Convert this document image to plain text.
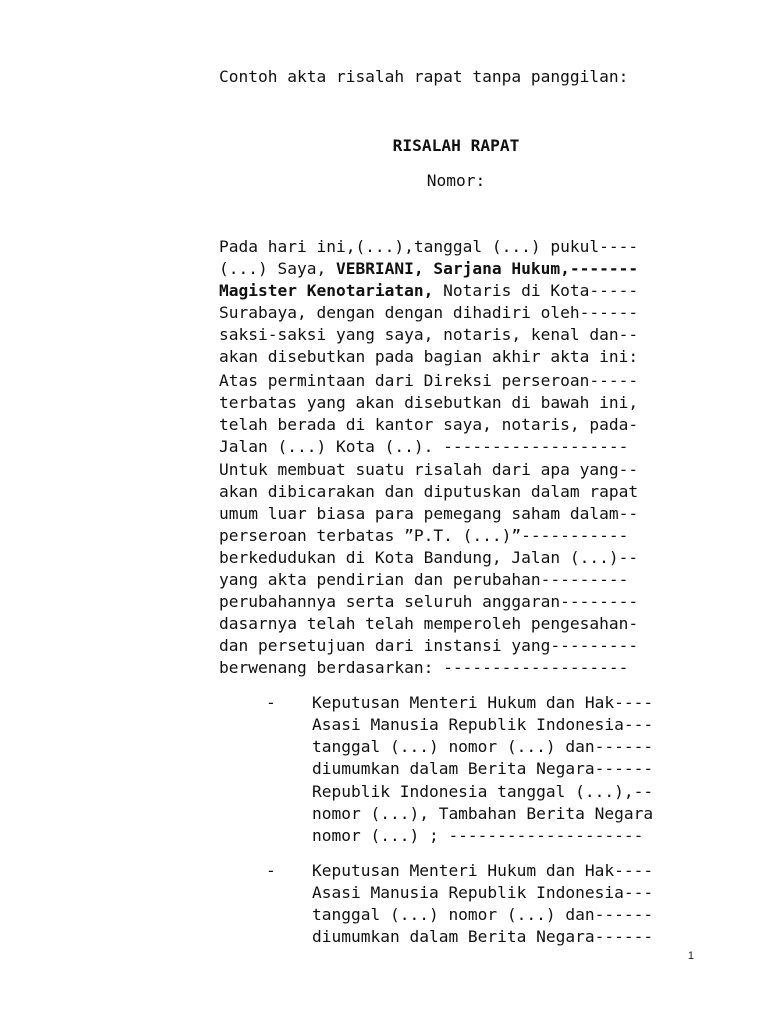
Contoh akta risalah rapat tanpa panggilan:
RISALAH RAPAT
Nomor:
Pada hari ini,(...),tanggal (...) pukul----
(...) Saya, VEBRIANI, Sarjana Hukum,-------
Magister Kenotariatan, Notaris di Kota-----
Surabaya, dengan dengan dihadiri oleh------
saksi-saksi yang saya, notaris, kenal dan--
akan disebutkan pada bagian akhir akta ini:
Atas permintaan dari Direksi perseroan-----
terbatas yang akan disebutkan di bawah ini,
telah berada di kantor saya, notaris, pada-
Jalan (...) Kota (..). -------------------
Untuk membuat suatu risalah dari apa yang--
akan dibicarakan dan diputuskan dalam rapat
umum luar biasa para pemegang saham dalam--
perseroan terbatas ”P.T. (...)”-----------
berkedudukan di Kota Bandung, Jalan (...)--
yang akta pendirian dan perubahan---------
perubahannya serta seluruh anggaran--------
dasarnya telah telah memperoleh pengesahan-
dan persetujuan dari instansi yang---------
berwenang berdasarkan: -------------------
- Keputusan Menteri Hukum dan Hak----
Asasi Manusia Republik Indonesia---
tanggal (...) nomor (...) dan------
diumumkan dalam Berita Negara------
Republik Indonesia tanggal (...),--
nomor (...), Tambahan Berita Negara
nomor (...) ; --------------------
- Keputusan Menteri Hukum dan Hak----
Asasi Manusia Republik Indonesia---
tanggal (...) nomor (...) dan------
diumumkan dalam Berita Negara------
1
